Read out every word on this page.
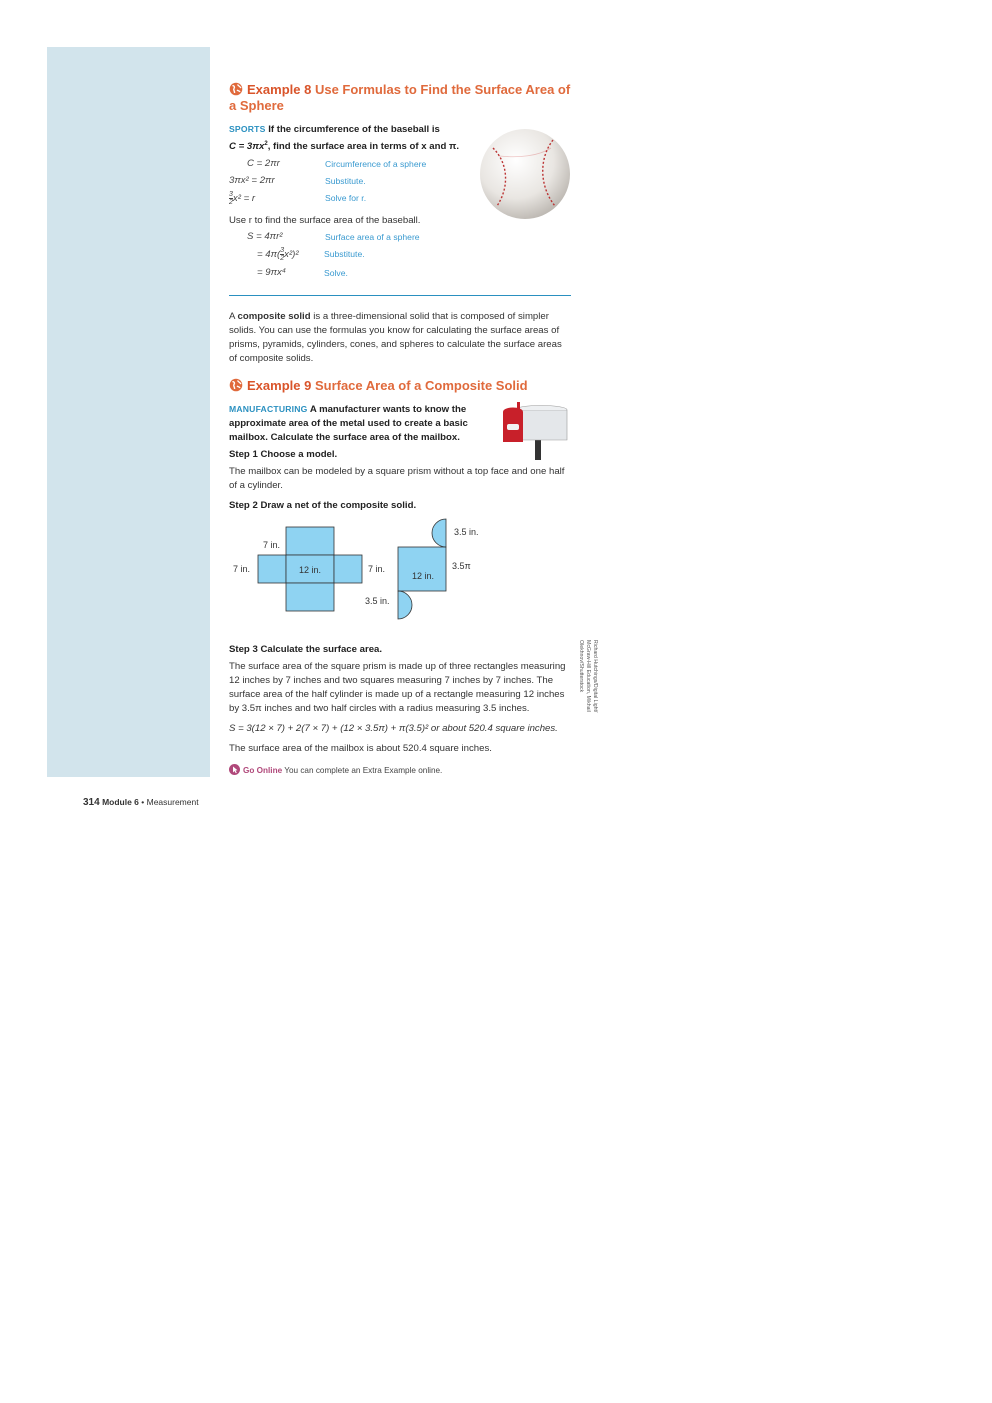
Example 8 Use Formulas to Find the Surface Area of a Sphere
SPORTS If the circumference of the baseball is
$C = 3\pi x^2$, find the surface area in terms of x and π.
C = 2πr	Circumference of a sphere
3πx² = 2πr	Substitute.
$\frac{3}{2} x^2 = r$	Solve for r.

Use r to find the surface area of the baseball.

S = 4πr²	Surface area of a sphere
= $4\pi( \frac{3}{2} x^2)^2$	Substitute.
= 9πx⁴	Solve.

A composite solid is a three-dimensional solid that is composed of simpler solids. You can use the formulas you know for calculating the surface areas of prisms, pyramids, cylinders, cones, and spheres to calculate the surface areas of composite solids.

Example 9 Surface Area of a Composite Solid
MANUFACTURING A manufacturer wants to know the approximate area of the metal used to create a basic mailbox. Calculate the surface area of the mailbox.
Step 1 Choose a model.

The mailbox can be modeled by a square prism without a top face and one half of a cylinder.

Step 2 Draw a net of the composite solid.
7 in.
7 in.	12 in.	7 in.
12 in.
3.5 in.
3.5π
3.5 in.
Step 3 Calculate the surface area.

The surface area of the square prism is made up of three rectangles measuring 12 inches by 7 inches and two squares measuring 7 inches by 7 inches. The surface area of the half cylinder is made up of a rectangle measuring 12 inches by 3.5π inches and two half circles with a radius measuring 3.5 inches.

S = 3(12 × 7) + 2(7 × 7) + (12 × 3.5π) + π(3.5)² or about 520.4 square inches.

The surface area of the mailbox is about 520.4 square inches.

Go Online You can complete an Extra Example online.
Richard Hutchings/Digital Light/
McGraw-Hill Education, Mikhail
Olekhnov/Shutterstock
314 Module 6 • Measurement
